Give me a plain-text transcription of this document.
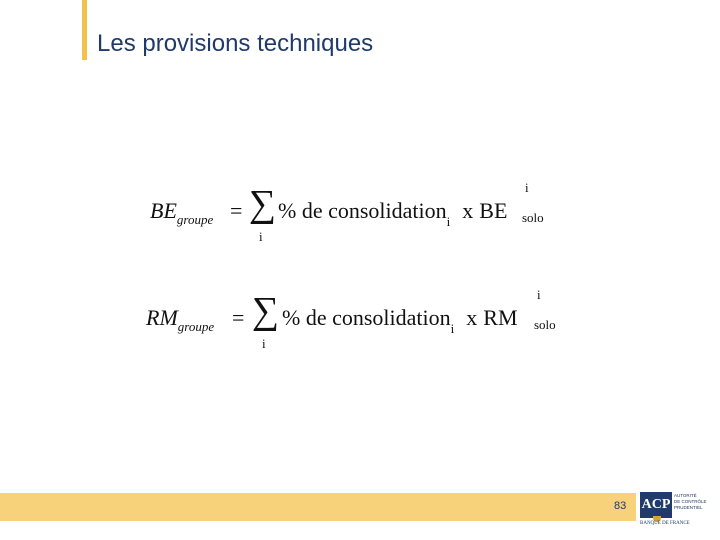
Les provisions techniques
$BE_{groupe}$ = ∑
i
% de consolidation$_i$ x BE
i
solo
$RM_{groupe}$ = ∑
i
% de consolidation$_i$ x RM
i
solo
83 ACP
AUTORITÉ
DE CONTRÔLE
PRUDENTIEL
BANQUE DE FRANCE
